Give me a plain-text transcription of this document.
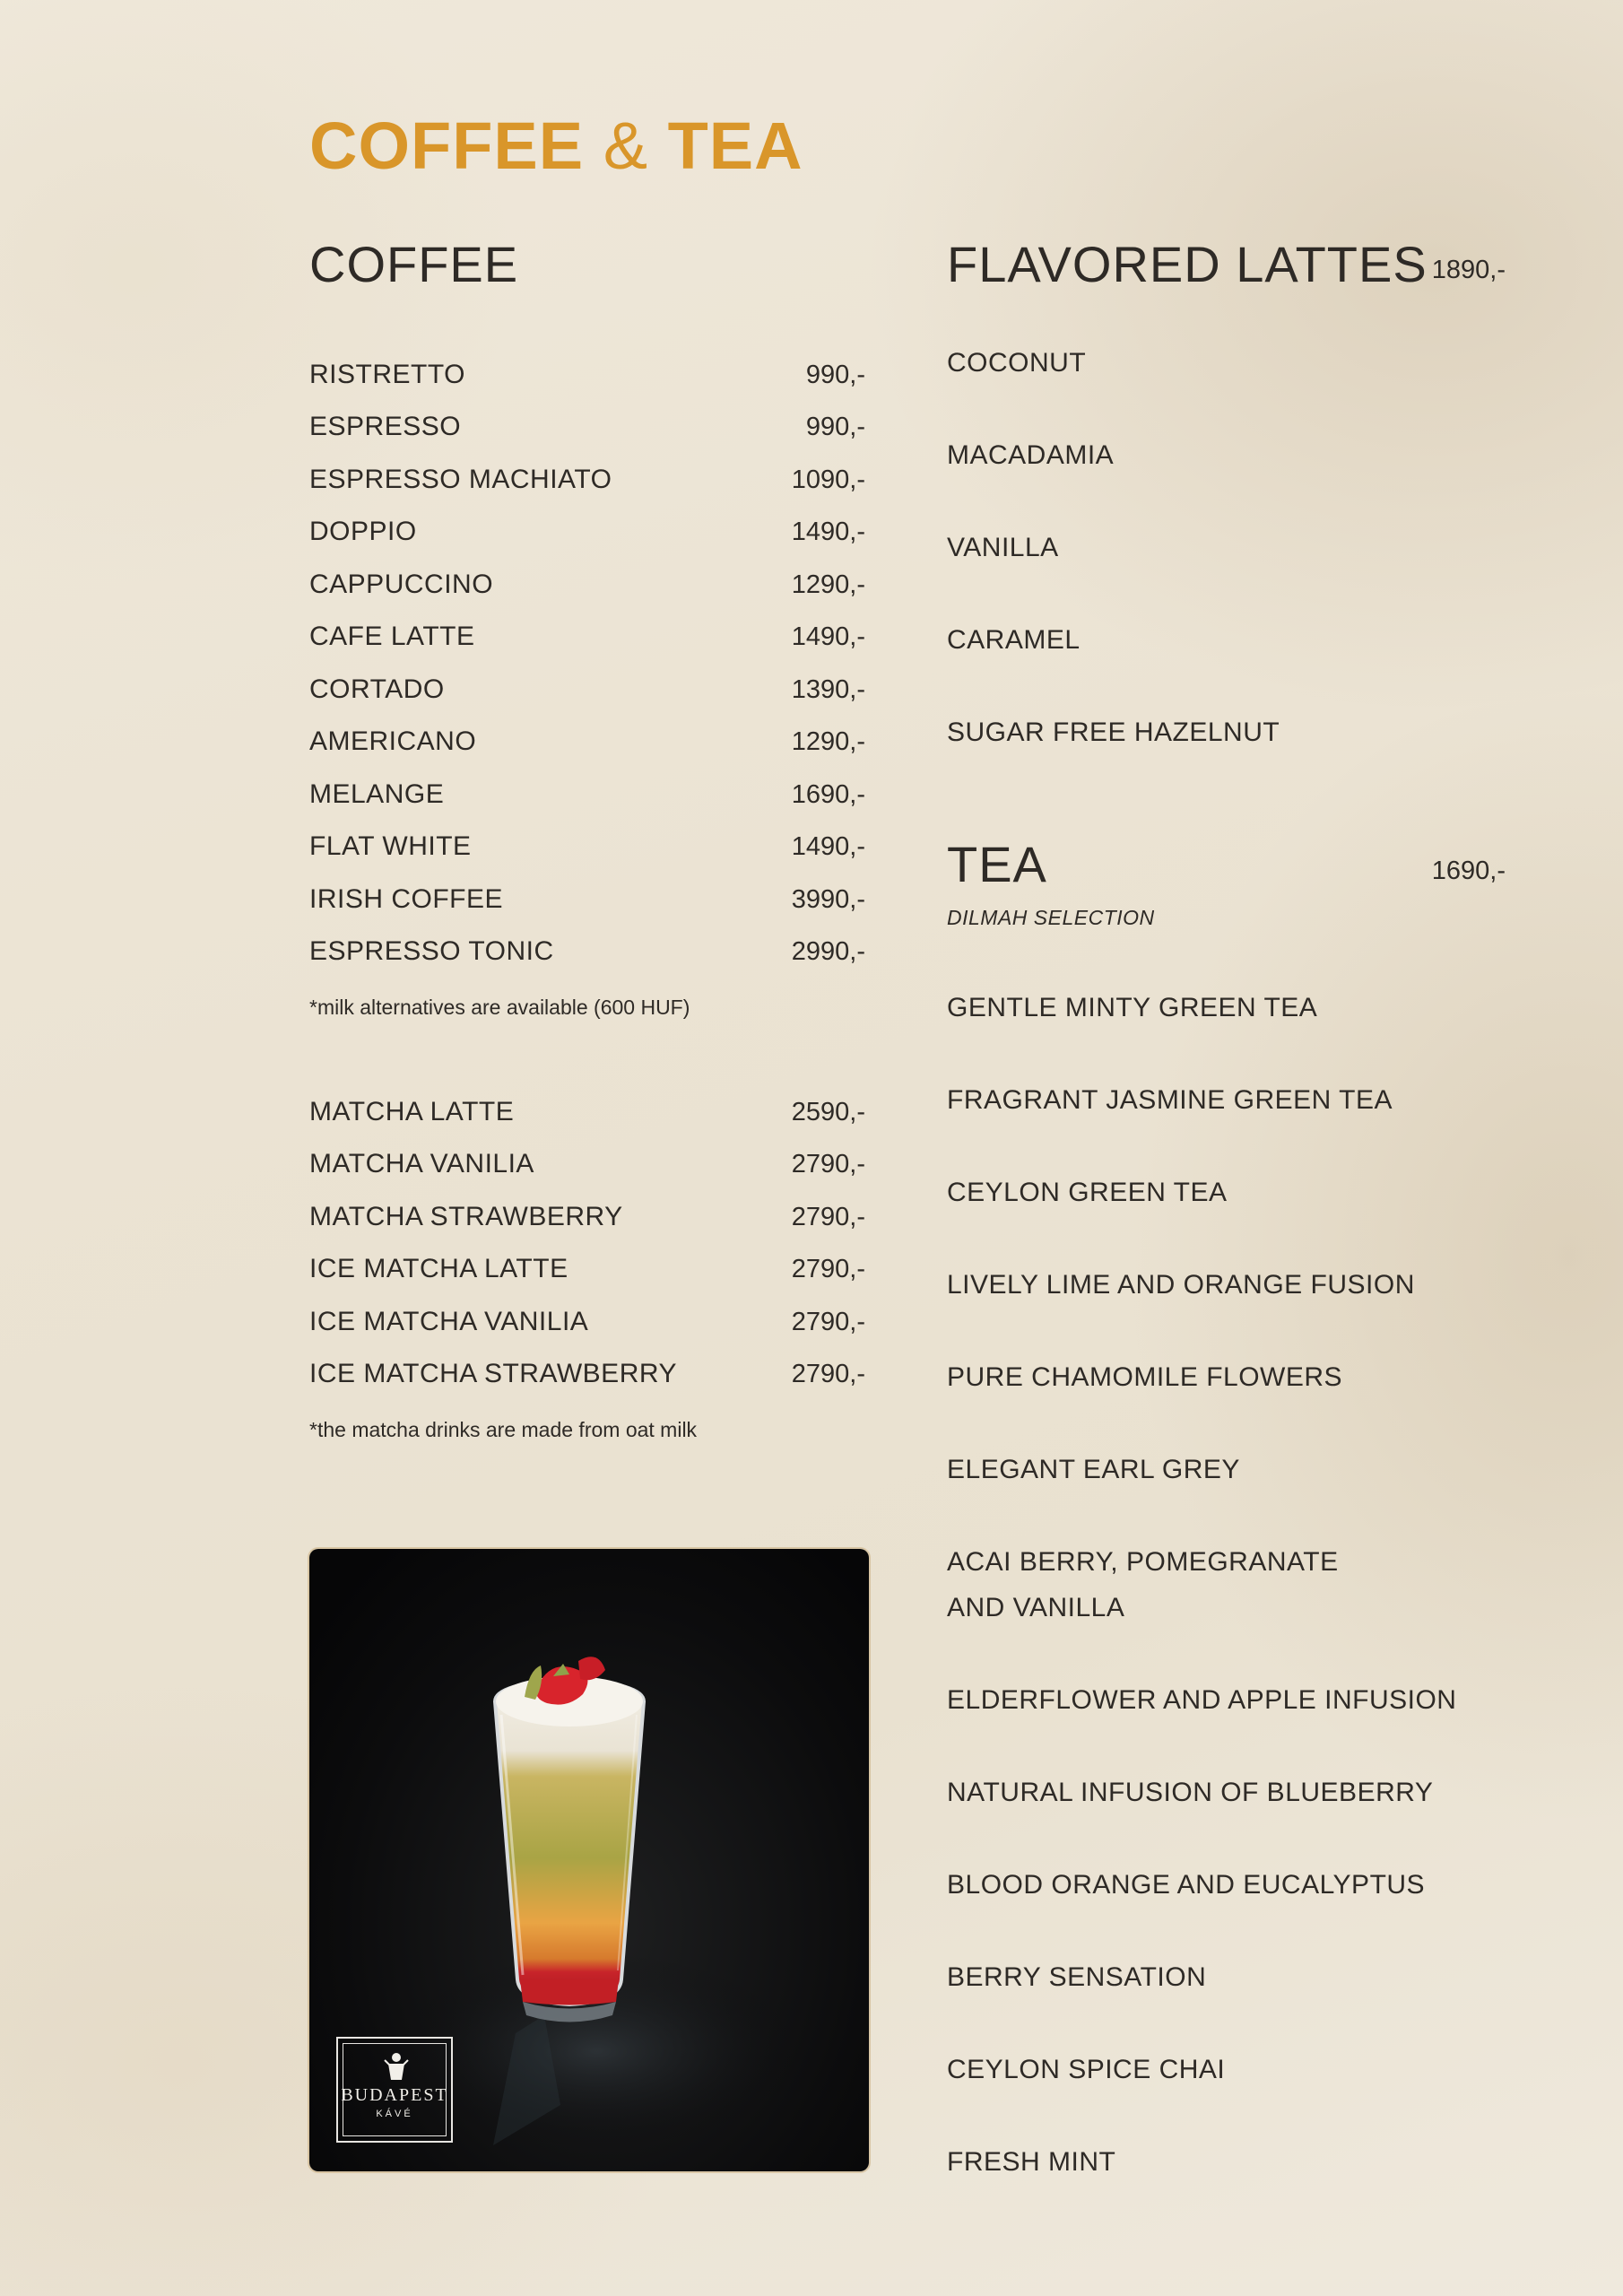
COFFEE & TEA
COFFEE
RISTRETTO	990,-
ESPRESSO	990,-
ESPRESSO MACHIATO	1090,-
DOPPIO	1490,-
CAPPUCCINO	1290,-
CAFE LATTE	1490,-
CORTADO	1390,-
AMERICANO	1290,-
MELANGE	1690,-
FLAT WHITE	1490,-
IRISH COFFEE	3990,-
ESPRESSO TONIC	2990,-
*milk alternatives are available (600 HUF)
MATCHA LATTE	2590,-
MATCHA VANILIA	2790,-
MATCHA STRAWBERRY	2790,-
ICE MATCHA LATTE	2790,-
ICE MATCHA VANILIA	2790,-
ICE MATCHA STRAWBERRY	2790,-
*the matcha drinks are made from oat milk
BUDAPEST
KÁVÉ
FLAVORED LATTES 1890,-
COCONUT
MACADAMIA
VANILLA
CARAMEL
SUGAR FREE HAZELNUT
TEA	1690,-
DILMAH SELECTION
GENTLE MINTY GREEN TEA
FRAGRANT JASMINE GREEN TEA
CEYLON GREEN TEA
LIVELY LIME AND ORANGE FUSION
PURE CHAMOMILE FLOWERS
ELEGANT EARL GREY
ACAI BERRY, POMEGRANATE
AND VANILLA
ELDERFLOWER AND APPLE INFUSION
NATURAL INFUSION OF BLUEBERRY
BLOOD ORANGE AND EUCALYPTUS
BERRY SENSATION
CEYLON SPICE CHAI
FRESH MINT
